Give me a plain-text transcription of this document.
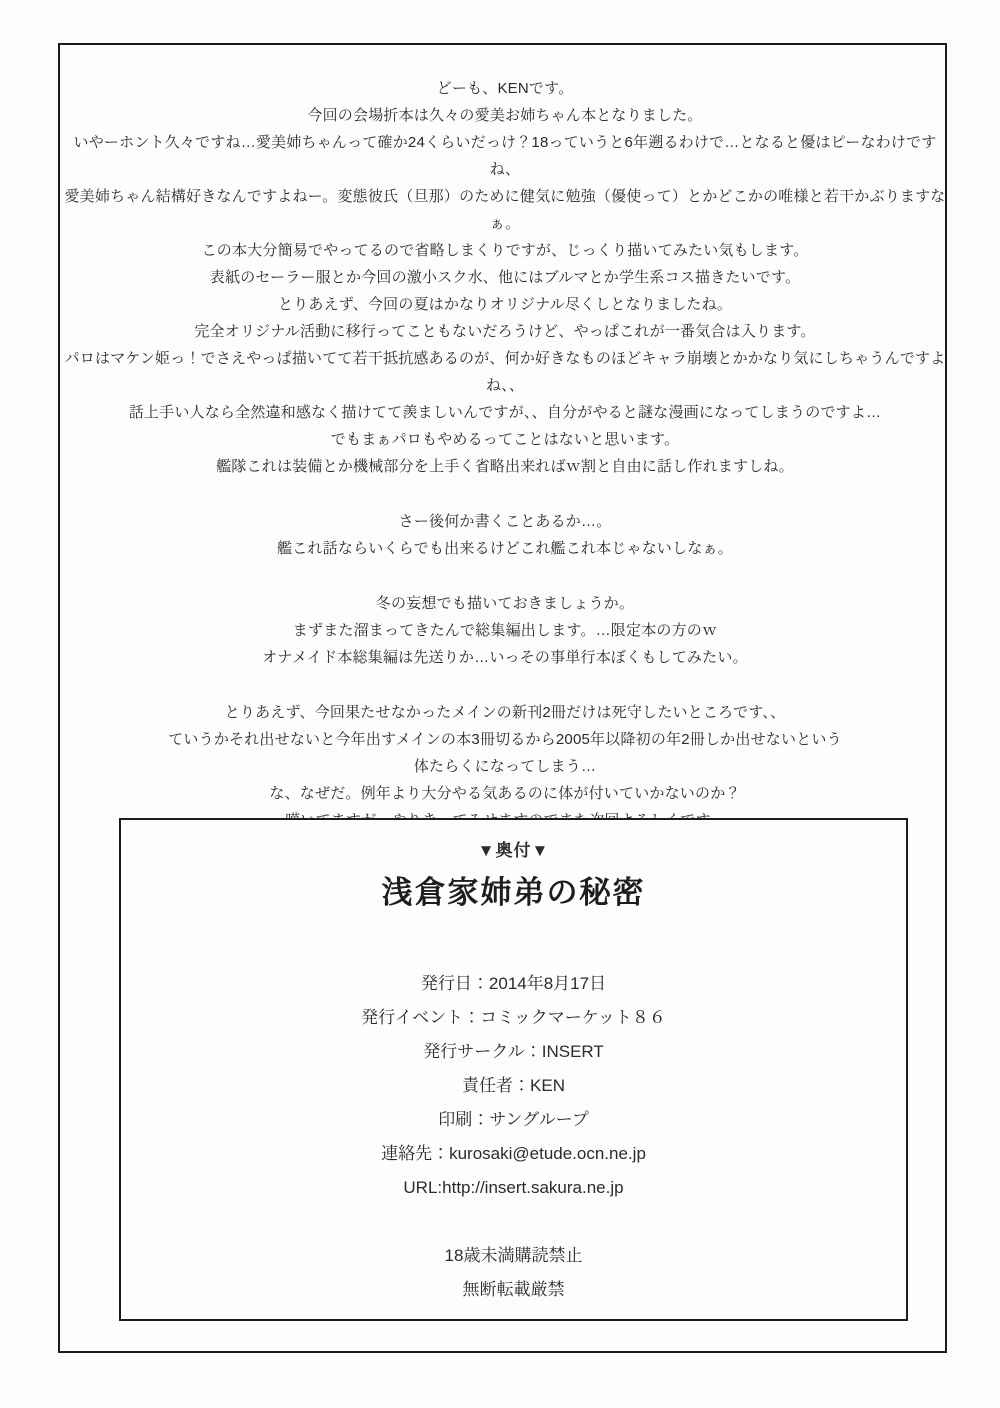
どーも、KENです。
今回の会場折本は久々の愛美お姉ちゃん本となりました。
いやーホント久々ですね…愛美姉ちゃんって確か24くらいだっけ？18っていうと6年遡るわけで…となると優はピーなわけですね、
愛美姉ちゃん結構好きなんですよねー。変態彼氏（旦那）のために健気に勉強（優使って）とかどこかの唯様と若干かぶりますなぁ。
この本大分簡易でやってるので省略しまくりですが、じっくり描いてみたい気もします。
表紙のセーラー服とか今回の激小スク水、他にはブルマとか学生系コス描きたいです。
とりあえず、今回の夏はかなりオリジナル尽くしとなりましたね。
完全オリジナル活動に移行ってこともないだろうけど、やっぱこれが一番気合は入ります。
パロはマケン姫っ！でさえやっぱ描いてて若干抵抗感あるのが、何か好きなものほどキャラ崩壊とかかなり気にしちゃうんですよね、、
話上手い人なら全然違和感なく描けてて羨ましいんですが、、自分がやると謎な漫画になってしまうのですよ…
でもまぁパロもやめるってことはないと思います。
艦隊これは装備とか機械部分を上手く省略出来ればｗ割と自由に話し作れますしね。
さー後何か書くことあるか…。
艦これ話ならいくらでも出来るけどこれ艦これ本じゃないしなぁ。
冬の妄想でも描いておきましょうか。
まずまた溜まってきたんで総集編出します。…限定本の方のｗ
オナメイド本総集編は先送りか…いっその事単行本ぼくもしてみたい。
とりあえず、今回果たせなかったメインの新刊2冊だけは死守したいところです、、
ていうかそれ出せないと今年出すメインの本3冊切るから2005年以降初の年2冊しか出せないという
体たらくになってしまう…
な、なぜだ。例年より大分やる気あるのに体が付いていかないのか？
▼奥付▼
浅倉家姉弟の秘密
発行日：2014年8月17日
発行イベント：コミックマーケット８６
発行サークル：INSERT
責任者：KEN
印刷：サングループ
連絡先：kurosaki@etude.ocn.ne.jp
URL:http://insert.sakura.ne.jp
18歳未満購読禁止
無断転載厳禁
